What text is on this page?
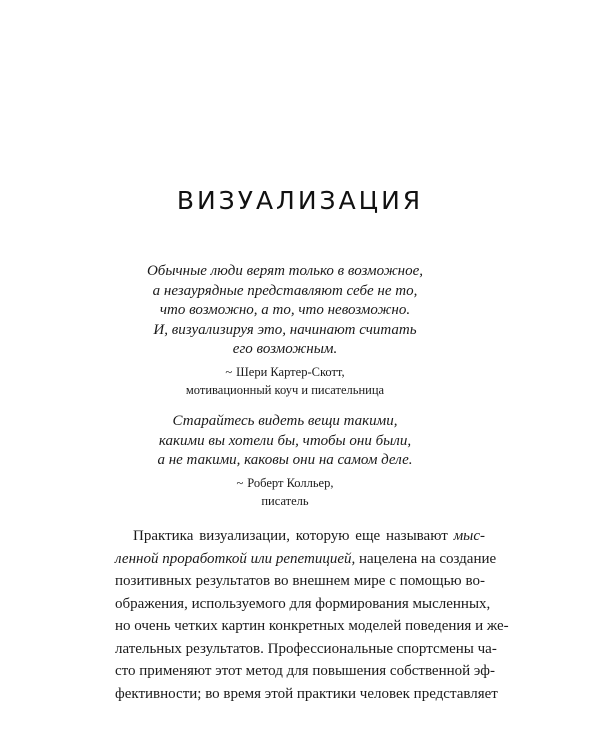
ВИЗУАЛИЗАЦИЯ
Обычные люди верят только в возможное,
а незаурядные представляют себе не то,
что возможно, а то, что невозможно.
И, визуализируя это, начинают считать
его возможным.
~ Шери Картер-Скотт,
мотивационный коуч и писательница
Старайтесь видеть вещи такими,
какими вы хотели бы, чтобы они были,
а не такими, каковы они на самом деле.
~ Роберт Колльер,
писатель
Практика визуализации, которую еще называют мыс-
ленной проработкой или репетицией, нацелена на создание
позитивных результатов во внешнем мире с помощью во-
ображения, используемого для формирования мысленных,
но очень четких картин конкретных моделей поведения и же-
лательных результатов. Профессиональные спортсмены ча-
сто применяют этот метод для повышения собственной эф-
фективности; во время этой практики человек представляет
